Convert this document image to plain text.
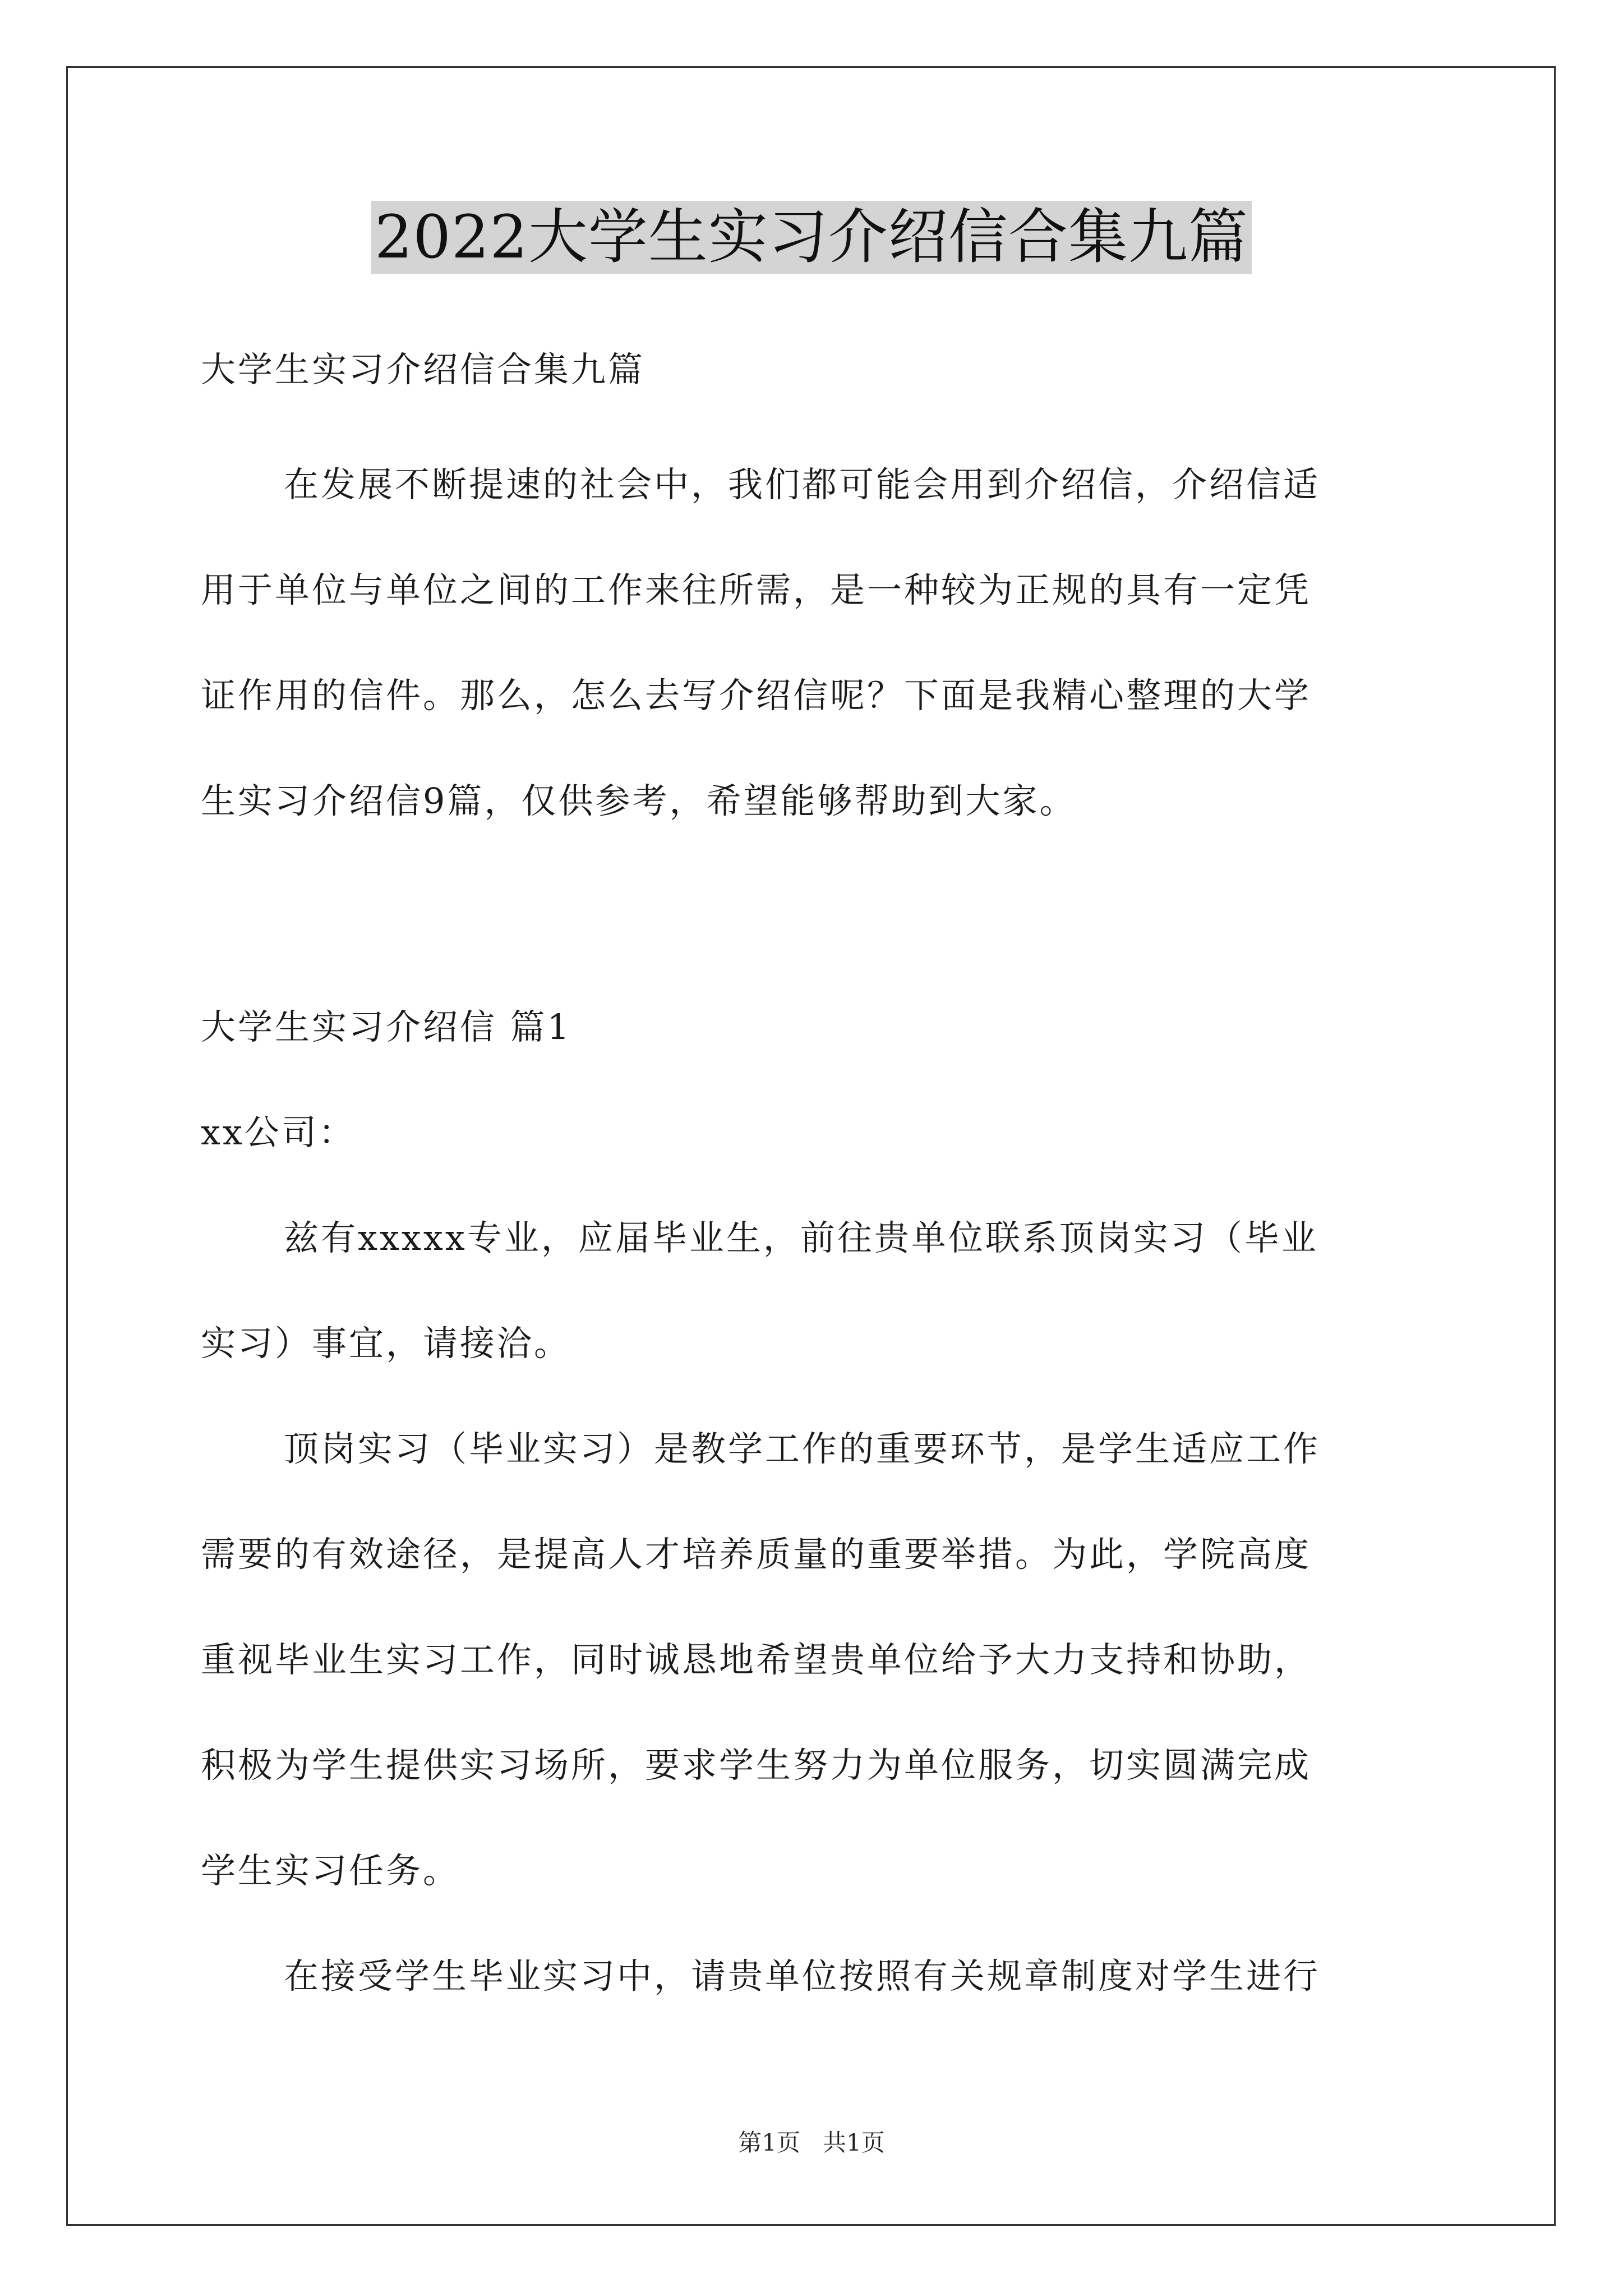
2022大学生实习介绍信合集九篇

大学生实习介绍信合集九篇

在发展不断提速的社会中，我们都可能会用到介绍信，介绍信适

用于单位与单位之间的工作来往所需，是一种较为正规的具有一定凭

证作用的信件。那么，怎么去写介绍信呢？下面是我精心整理的大学

生实习介绍信9篇，仅供参考，希望能够帮助到大家。

大学生实习介绍信 篇1

xx公司：

兹有xxxxx专业，应届毕业生，前往贵单位联系顶岗实习（毕业

实习）事宜，请接洽。

顶岗实习（毕业实习）是教学工作的重要环节，是学生适应工作

需要的有效途径，是提高人才培养质量的重要举措。为此，学院高度

重视毕业生实习工作，同时诚恳地希望贵单位给予大力支持和协助，

积极为学生提供实习场所，要求学生努力为单位服务，切实圆满完成

学生实习任务。

在接受学生毕业实习中，请贵单位按照有关规章制度对学生进行

第1页   共1页
